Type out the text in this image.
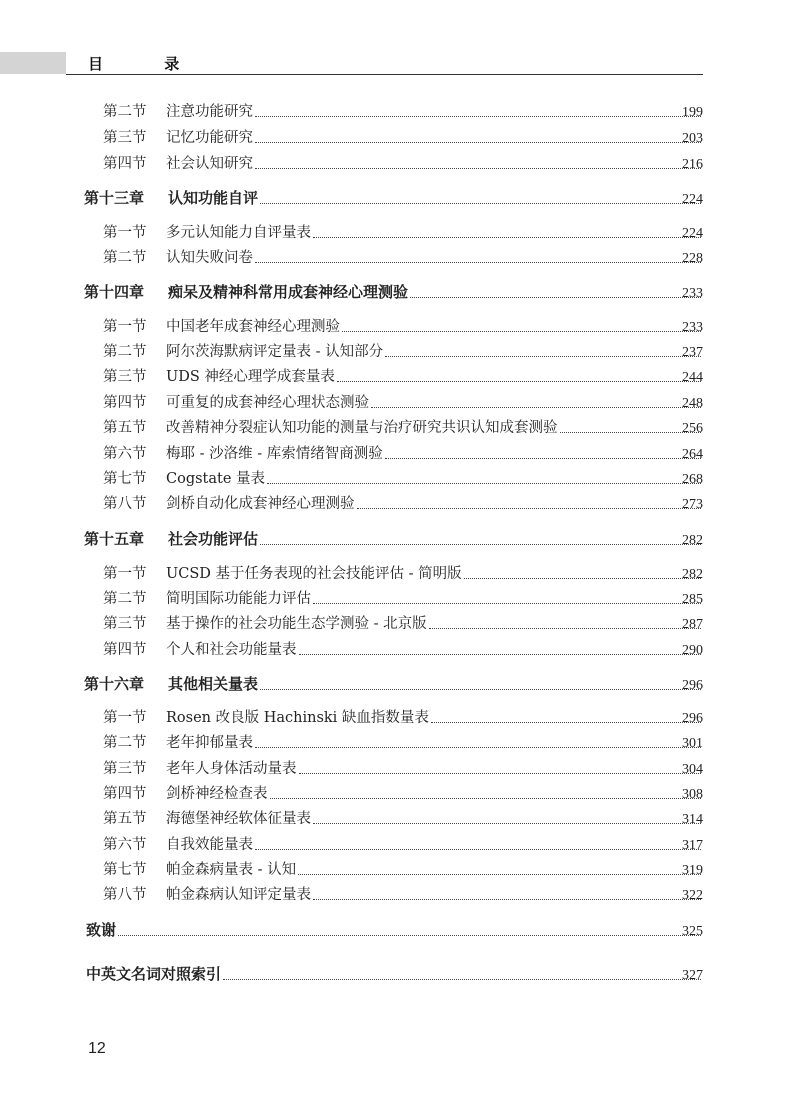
目 录
第二节 注意功能研究	199
第三节 记忆功能研究	203
第四节 社会认知研究	216
第十三章 认知功能自评	224
第一节 多元认知能力自评量表	224
第二节 认知失败问卷	228
第十四章 痴呆及精神科常用成套神经心理测验	233
第一节 中国老年成套神经心理测验	233
第二节 阿尔茨海默病评定量表 - 认知部分	237
第三节 UDS 神经心理学成套量表	244
第四节 可重复的成套神经心理状态测验	248
第五节 改善精神分裂症认知功能的测量与治疗研究共识认知成套测验	256
第六节 梅耶 - 沙洛维 - 库索情绪智商测验	264
第七节 Cogstate 量表	268
第八节 剑桥自动化成套神经心理测验	273
第十五章 社会功能评估	282
第一节 UCSD 基于任务表现的社会技能评估 - 简明版	282
第二节 简明国际功能能力评估	285
第三节 基于操作的社会功能生态学测验 - 北京版	287
第四节 个人和社会功能量表	290
第十六章 其他相关量表	296
第一节 Rosen 改良版 Hachinski 缺血指数量表	296
第二节 老年抑郁量表	301
第三节 老年人身体活动量表	304
第四节 剑桥神经检查表	308
第五节 海德堡神经软体征量表	314
第六节 自我效能量表	317
第七节 帕金森病量表 - 认知	319
第八节 帕金森病认知评定量表	322
致谢	325
中英文名词对照索引	327
12
